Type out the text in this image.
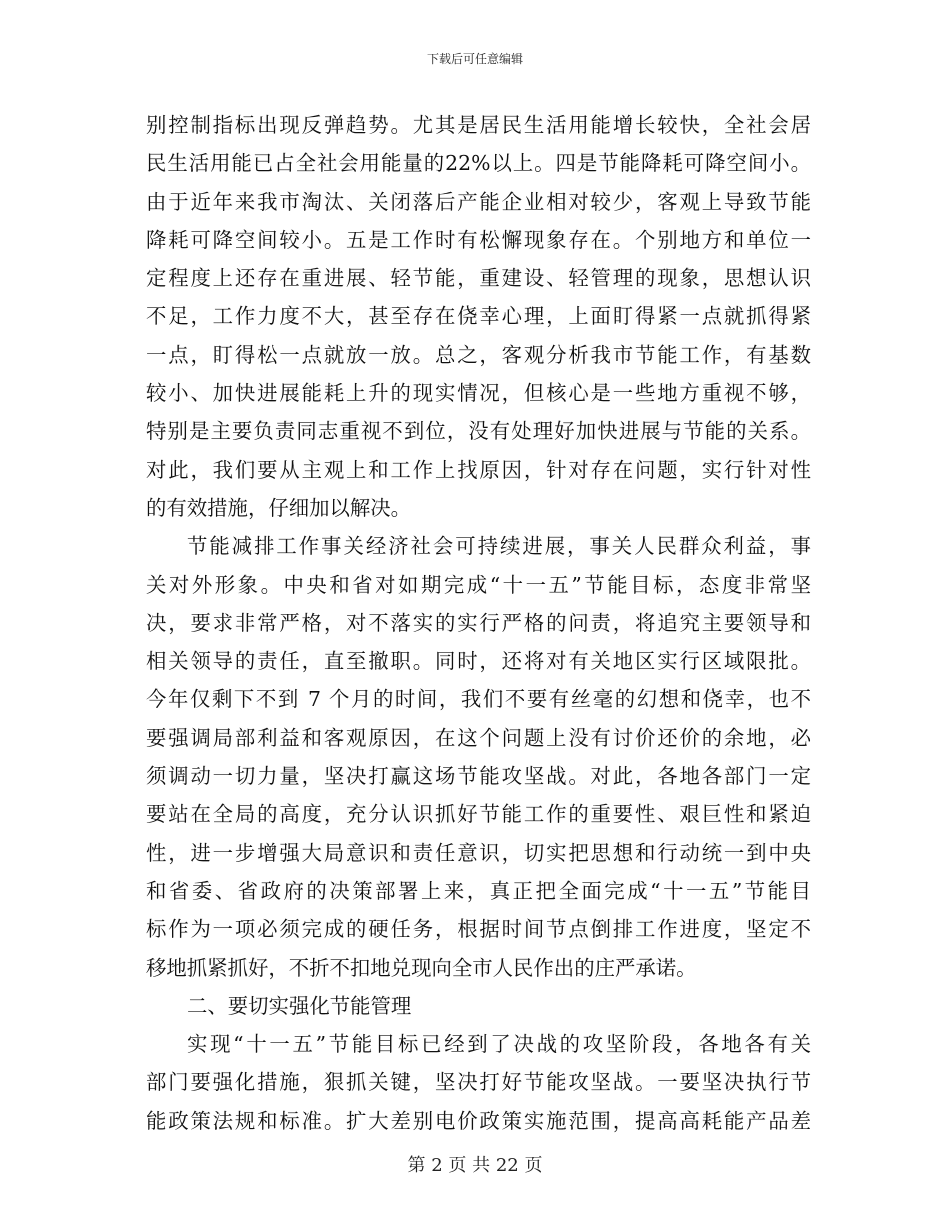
下载后可任意编辑
别控制指标出现反弹趋势。尤其是居民生活用能增长较快，全社会居
民生活用能已占全社会用能量的22%以上。四是节能降耗可降空间小。
由于近年来我市淘汰、关闭落后产能企业相对较少，客观上导致节能
降耗可降空间较小。五是工作时有松懈现象存在。个别地方和单位一
定程度上还存在重进展、轻节能，重建设、轻管理的现象，思想认识
不足，工作力度不大，甚至存在侥幸心理，上面盯得紧一点就抓得紧
一点，盯得松一点就放一放。总之，客观分析我市节能工作，有基数
较小、加快进展能耗上升的现实情况，但核心是一些地方重视不够，
特别是主要负责同志重视不到位，没有处理好加快进展与节能的关系。
对此，我们要从主观上和工作上找原因，针对存在问题，实行针对性
的有效措施，仔细加以解决。
节能减排工作事关经济社会可持续进展，事关人民群众利益，事
关对外形象。中央和省对如期完成“十一五”节能目标，态度非常坚
决，要求非常严格，对不落实的实行严格的问责，将追究主要领导和
相关领导的责任，直至撤职。同时，还将对有关地区实行区域限批。
今年仅剩下不到 7 个月的时间，我们不要有丝毫的幻想和侥幸，也不
要强调局部利益和客观原因，在这个问题上没有讨价还价的余地，必
须调动一切力量，坚决打赢这场节能攻坚战。对此，各地各部门一定
要站在全局的高度，充分认识抓好节能工作的重要性、艰巨性和紧迫
性，进一步增强大局意识和责任意识，切实把思想和行动统一到中央
和省委、省政府的决策部署上来，真正把全面完成“十一五”节能目
标作为一项必须完成的硬任务，根据时间节点倒排工作进度，坚定不
移地抓紧抓好，不折不扣地兑现向全市人民作出的庄严承诺。
二、要切实强化节能管理
实现“十一五”节能目标已经到了决战的攻坚阶段，各地各有关
部门要强化措施，狠抓关键，坚决打好节能攻坚战。一要坚决执行节
能政策法规和标准。扩大差别电价政策实施范围，提高高耗能产品差
第 2 页 共 22 页
